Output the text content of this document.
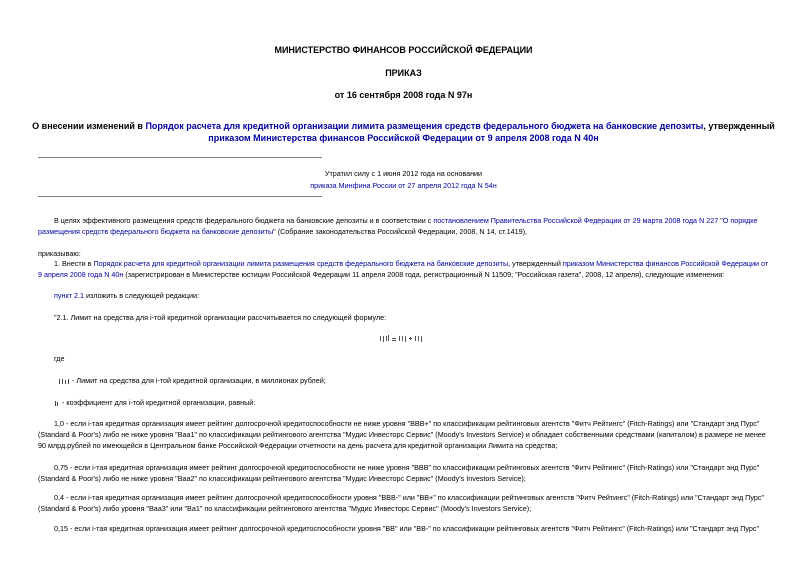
МИНИСТЕРСТВО ФИНАНСОВ РОССИЙСКОЙ ФЕДЕРАЦИИ
ПРИКАЗ
от 16 сентября 2008 года N 97н
О внесении изменений в Порядок расчета для кредитной организации лимита размещения средств федерального бюджета на банковские депозиты, утвержденный
приказом Министерства финансов Российской Федерации от 9 апреля 2008 года N 40н
Утратил силу с 1 июня 2012 года на основании
приказа Минфина России от 27 апреля 2012 года N 54н
В целях эффективного размещения средств федерального бюджета на банковские депозиты и в соответствии с постановлением Правительства Российской Федерации от 29 марта 2008 года N 227 "О порядке
размещения средств федерального бюджета на банковские депозиты" (Собрание законодательства Российской Федерации, 2008, N 14, ст.1419),
приказываю:
1. Внести в Порядок расчета для кредитной организации лимита размещения средств федерального бюджета на банковские депозиты, утвержденный приказом Министерства финансов Российской Федерации от
9 апреля 2008 года N 40н (зарегистрирован в Министерстве юстиции Российской Федерации 11 апреля 2008 года, регистрационный N 11509; "Российская газета", 2008, 12 апреля), следующие изменения:
пункт 2.1 изложить в следующей редакции:
"2.1. Лимит на средства для i-той кредитной организации рассчитывается по следующей формуле:
где
- Лимит на средства для i-той кредитной организации, в миллионах рублей;
- коэффициент для i-той кредитной организации, равный:
1,0 - если i-тая кредитная организация имеет рейтинг долгосрочной кредитоспособности не ниже уровня "BBB+" по классификации рейтинговых агентств "Фитч Рейтингс" (Fitch-Ratings) или "Стандарт энд Пурс"
(Standard & Poor's) либо не ниже уровня "Baa1" по классификации рейтингового агентства "Мудис Инвесторс Сервис" (Moody's Investors Service) и обладает собственными средствами (капиталом) в размере не менее
90 млрд.рублей по имеющейся в Центральном банке Российской Федерации отчетности на день расчета для кредитной организации Лимита на средства;
0,75 - если i-тая кредитная организация имеет рейтинг долгосрочной кредитоспособности не ниже уровня "BBB" по классификации рейтинговых агентств "Фитч Рейтингс" (Fitch-Ratings) или "Стандарт энд Пурс"
(Standard & Poor's) либо не ниже уровня "Baa2" по классификации рейтингового агентства "Мудис Инвесторс Сервис" (Moody's Investors Service);
0,4 - если i-тая кредитная организация имеет рейтинг долгосрочной кредитоспособности уровня "BBB-" или "BB+" по классификации рейтинговых агентств "Фитч Рейтингс" (Fitch-Ratings) или "Стандарт энд Пурс"
(Standard & Poor's) либо уровня "Baa3" или "Ba1" по классификации рейтингового агентства "Мудис Инвесторс Сервис" (Moody's Investors Service);
0,15 - если i-тая кредитная организация имеет рейтинг долгосрочной кредитоспособности уровня "BB" или "BB-" по классификации рейтинговых агентств "Фитч Рейтингс" (Fitch-Ratings) или "Стандарт энд Пурс"
